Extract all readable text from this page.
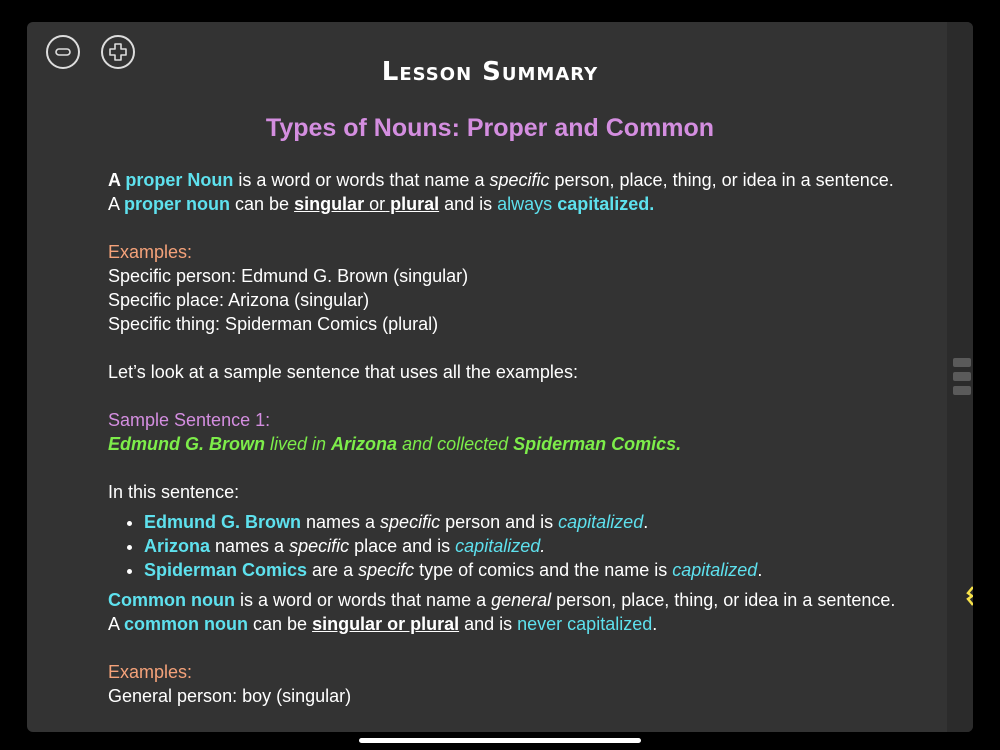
Lesson Summary
Types of Nouns: Proper and Common

A proper Noun is a word or words that name a specific person, place, thing, or idea in a sentence. A proper noun can be singular or plural and is always capitalized.

Examples:

Specific person: Edmund G. Brown (singular)

Specific place: Arizona (singular)

Specific thing: Spiderman Comics (plural)

Let’s look at a sample sentence that uses all the examples:

Sample Sentence 1:

Edmund G. Brown lived in Arizona and collected Spiderman Comics.

In this sentence:

• Edmund G. Brown names a specific person and is capitalized.
• Arizona names a specific place and is capitalized.
• Spiderman Comics are a specifc type of comics and the name is capitalized.

Common noun is a word or words that name a general person, place, thing, or idea in a sentence. A common noun can be singular or plural and is never capitalized.

Examples:

General person: boy (singular)
